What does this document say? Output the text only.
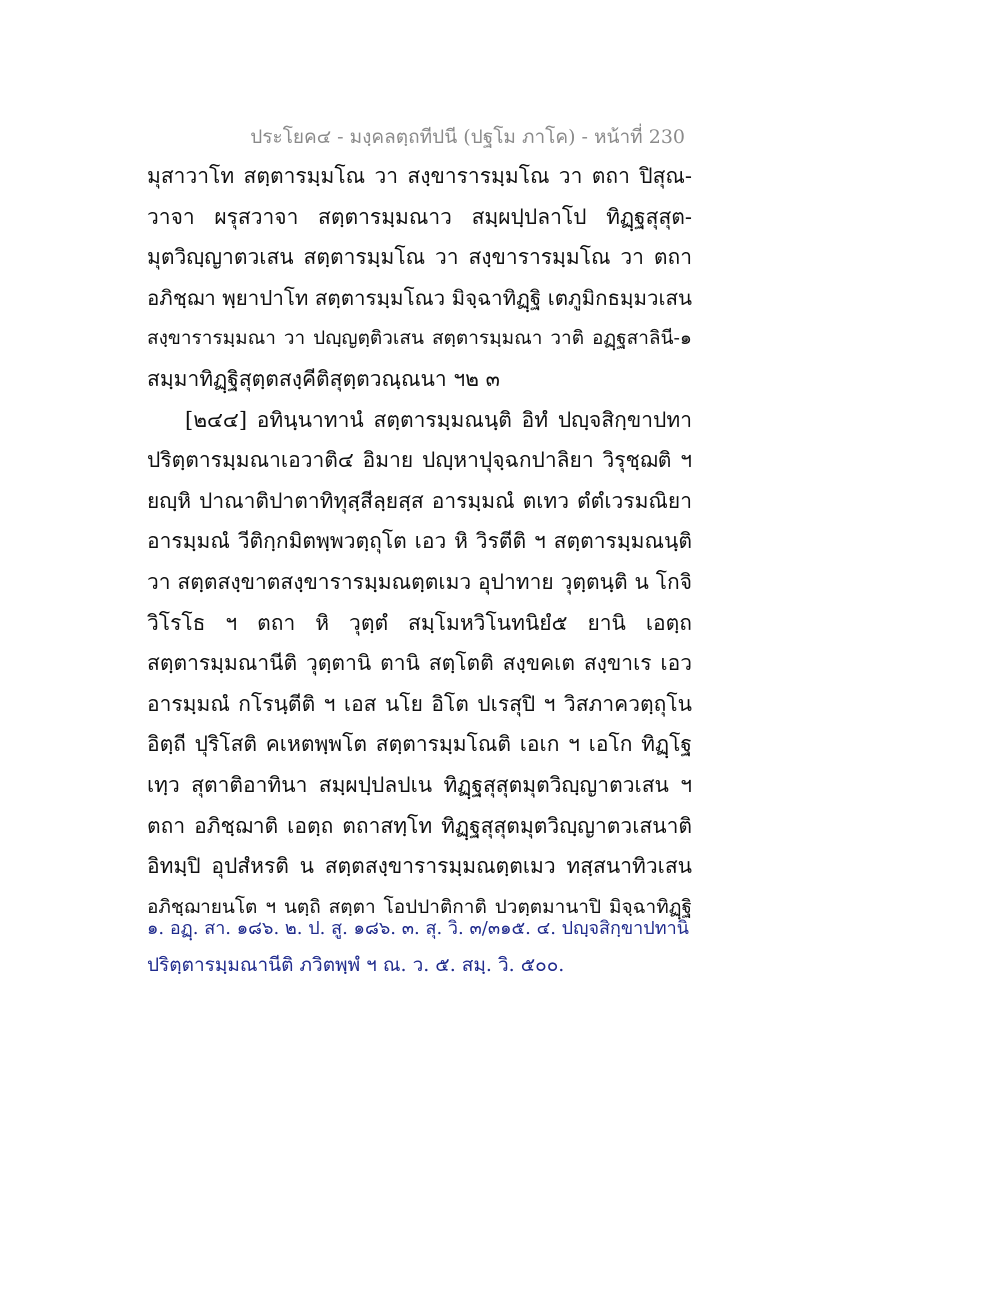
ประโยค๔ - มงฺคลตฺถทีปนี (ปฐโม ภาโค) - หน้าที่ 230
มุสาวาโท สตฺตารมฺมโณ วา สงฺขารารมฺมโณ วา ตถา ปิสุณ-
วาจา ผรุสวาจา สตฺตารมฺมณาว สมฺผปฺปลาโป ทิฏฺฐสุสุต-
มุตวิญฺญาตวเสน สตฺตารมฺมโณ วา สงฺขารารมฺมโณ วา ตถา
อภิชฺฌา พฺยาปาโท สตฺตารมฺมโณว มิจฺฉาทิฏฺฐิ เตภูมิกธมฺมวเสน
สงฺขารารมฺมณา วา ปญฺญตฺติวเสน สตฺตารมฺมณา วาติ อฏฺฐสาลินี-๑
สมฺมาทิฏฺฐิสุตฺตสงฺคีติสุตฺตวณฺณนา ฯ๒ ๓
[๒๔๔] อทินฺนาทานํ สตฺตารมฺมณนฺติ อิทํ ปญฺจสิกฺขาปทา
ปริตฺตารมฺมณาเอวาติ๔ อิมาย ปญฺหาปุจฺฉกปาลิยา วิรุชฺฌติ ฯ
ยญฺหิ ปาณาติปาตาทิทุสฺสีลฺยสฺส อารมฺมณํ ตเทว ตํตํเวรมณิยา
อารมฺมณํ วีติกฺกมิตพฺพวตฺถุโต เอว หิ วิรตีติ ฯ สตฺตารมฺมณนฺติ
วา สตฺตสงฺขาตสงฺขารารมฺมณตฺตเมว อุปาทาย วุตฺตนฺติ น โกจิ
วิโรโธ ฯ ตถา หิ วุตฺตํ สมฺโมหวิโนทนิยํ๕ ยานิ เอตฺถ
สตฺตารมฺมณานีติ วุตฺตานิ ตานิ สตฺโตติ สงฺขคเต สงฺขาเร เอว
อารมฺมณํ กโรนฺตีติ ฯ เอส นโย อิโต ปเรสุปิ ฯ วิสภาควตฺถุโน
อิตฺถี ปุริโสติ คเหตพฺพโต สตฺตารมฺมโณติ เอเก ฯ เอโก ทิฏฺโฐ
เทฺว สุตาติอาทินา สมฺผปฺปลปเน ทิฏฺฐสุสุตมุตวิญฺญาตวเสน ฯ
ตถา อภิชฺฌาติ เอตฺถ ตถาสทฺโท ทิฏฺฐสุสุตมุตวิญฺญาตวเสนาติ
อิทมฺปิ อุปสํหรติ น สตฺตสงฺขารารมฺมณตฺตเมว ทสฺสนาทิวเสน
อภิชฺฌายนโต ฯ นตฺถิ สตฺตา โอปปาติกาติ ปวตฺตมานาปิ มิจฺฉาทิฏฺฐิ
๑. อฏฺ. สา. ๑๘๖. ๒. ป. สู. ๑๘๖. ๓. สุ. วิ. ๓/๓๑๕. ๔. ปญฺจสิกฺขาปทานิ
ปริตฺตารมฺมณานีติ ภวิตพฺพํ ฯ ณ. ว. ๕. สมฺ. วิ. ๕๐๐.
